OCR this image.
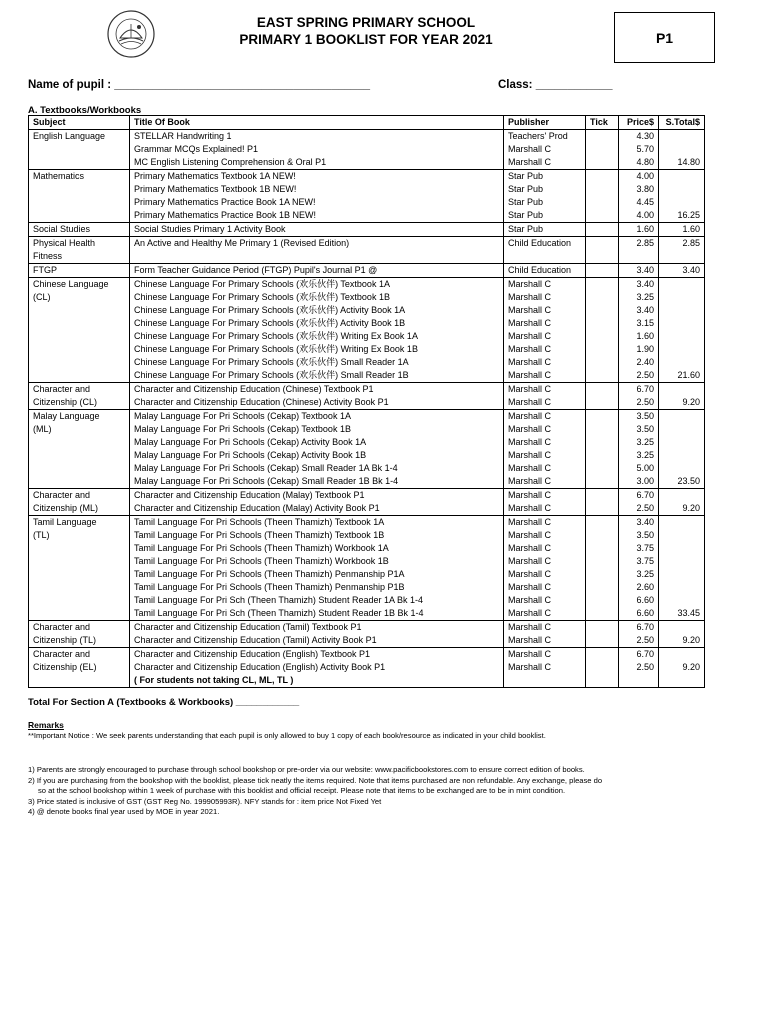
EAST SPRING PRIMARY SCHOOL
PRIMARY 1 BOOKLIST FOR YEAR 2021	P1
Name of pupil : ________________________________________	Class: ____________
A. Textbooks/Workbooks
Subject	Title Of Book	Publisher	Tick	Price$	S.Total$
English Language	STELLAR Handwriting 1	Teachers' Prod		4.30	
	Grammar MCQs Explained! P1	Marshall C		5.70	
	MC English Listening Comprehension & Oral P1	Marshall C		4.80	14.80
Mathematics	Primary Mathematics Textbook 1A NEW!	Star Pub		4.00	
	Primary Mathematics Textbook 1B NEW!	Star Pub		3.80	
	Primary Mathematics Practice Book 1A NEW!	Star Pub		4.45	
	Primary Mathematics Practice Book 1B NEW!	Star Pub		4.00	16.25
Social Studies	Social Studies Primary 1 Activity Book	Star Pub		1.60	1.60
Physical Health	An Active and Healthy Me Primary 1 (Revised Edition)	Child Education		2.85	2.85
Fitness					
FTGP	Form Teacher Guidance Period (FTGP) Pupil's Journal P1 @	Child Education		3.40	3.40
Chinese Language	Chinese Language For Primary Schools (欢乐伙伴) Textbook 1A	Marshall C		3.40	
(CL)	Chinese Language For Primary Schools (欢乐伙伴) Textbook 1B	Marshall C		3.25	
	Chinese Language For Primary Schools (欢乐伙伴) Activity Book 1A	Marshall C		3.40	
	Chinese Language For Primary Schools (欢乐伙伴) Activity Book 1B	Marshall C		3.15	
	Chinese Language For Primary Schools (欢乐伙伴) Writing Ex Book 1A	Marshall C		1.60	
	Chinese Language For Primary Schools (欢乐伙伴) Writing Ex Book 1B	Marshall C		1.90	
	Chinese Language For Primary Schools (欢乐伙伴) Small Reader 1A	Marshall C		2.40	
	Chinese Language For Primary Schools (欢乐伙伴) Small Reader 1B	Marshall C		2.50	21.60
Character and	Character and Citizenship Education (Chinese) Textbook P1	Marshall C		6.70	
Citizenship (CL)	Character and Citizenship Education (Chinese) Activity Book P1	Marshall C		2.50	9.20
Malay Language	Malay Language For Pri Schools (Cekap) Textbook 1A	Marshall C		3.50	
(ML)	Malay Language For Pri Schools (Cekap) Textbook 1B	Marshall C		3.50	
	Malay Language For Pri Schools (Cekap) Activity Book 1A	Marshall C		3.25	
	Malay Language For Pri Schools (Cekap) Activity Book 1B	Marshall C		3.25	
	Malay Language For Pri Schools (Cekap) Small Reader 1A Bk 1-4	Marshall C		5.00	
	Malay Language For Pri Schools (Cekap) Small Reader 1B Bk 1-4	Marshall C		3.00	23.50
Character and	Character and Citizenship Education (Malay) Textbook P1	Marshall C		6.70	
Citizenship (ML)	Character and Citizenship Education (Malay) Activity Book P1	Marshall C		2.50	9.20
Tamil Language	Tamil Language For Pri Schools (Theen Thamizh) Textbook 1A	Marshall C		3.40	
(TL)	Tamil Language For Pri Schools (Theen Thamizh) Textbook 1B	Marshall C		3.50	
	Tamil Language For Pri Schools (Theen Thamizh) Workbook 1A	Marshall C		3.75	
	Tamil Language For Pri Schools (Theen Thamizh) Workbook 1B	Marshall C		3.75	
	Tamil Language For Pri Schools (Theen Thamizh) Penmanship P1A	Marshall C		3.25	
	Tamil Language For Pri Schools (Theen Thamizh) Penmanship P1B	Marshall C		2.60	
	Tamil Language For Pri Sch (Theen Thamizh) Student Reader 1A Bk 1-4	Marshall C		6.60	
	Tamil Language For Pri Sch (Theen Thamizh) Student Reader 1B Bk 1-4	Marshall C		6.60	33.45
Character and	Character and Citizenship Education (Tamil) Textbook P1	Marshall C		6.70	
Citizenship (TL)	Character and Citizenship Education (Tamil) Activity Book P1	Marshall C		2.50	9.20
Character and	Character and Citizenship Education (English) Textbook P1	Marshall C		6.70	
Citizenship (EL)	Character and Citizenship Education (English) Activity Book P1	Marshall C		2.50	9.20
	( For students not taking CL, ML, TL )				
Total For Section A (Textbooks & Workbooks) ____________
Remarks
**Important Notice : We seek parents understanding that each pupil is only allowed to buy 1 copy of each book/resource as indicated in your child booklist.
1) Parents are strongly encouraged to purchase through school bookshop or pre-order via our website: www.pacificbookstores.com to ensure correct edition of books.
2) If you are purchasing from the bookshop with the booklist, please tick neatly the items required. Note that items purchased are non refundable. Any exchange, please do
so at the school bookshop within 1 week of purchase with this booklist and official receipt. Please note that items to be exchanged are to be in mint condition.
3) Price stated is inclusive of GST (GST Reg No. 199905993R). NFY stands for : item price Not Fixed Yet
4) @ denote books final year used by MOE in year 2021.
